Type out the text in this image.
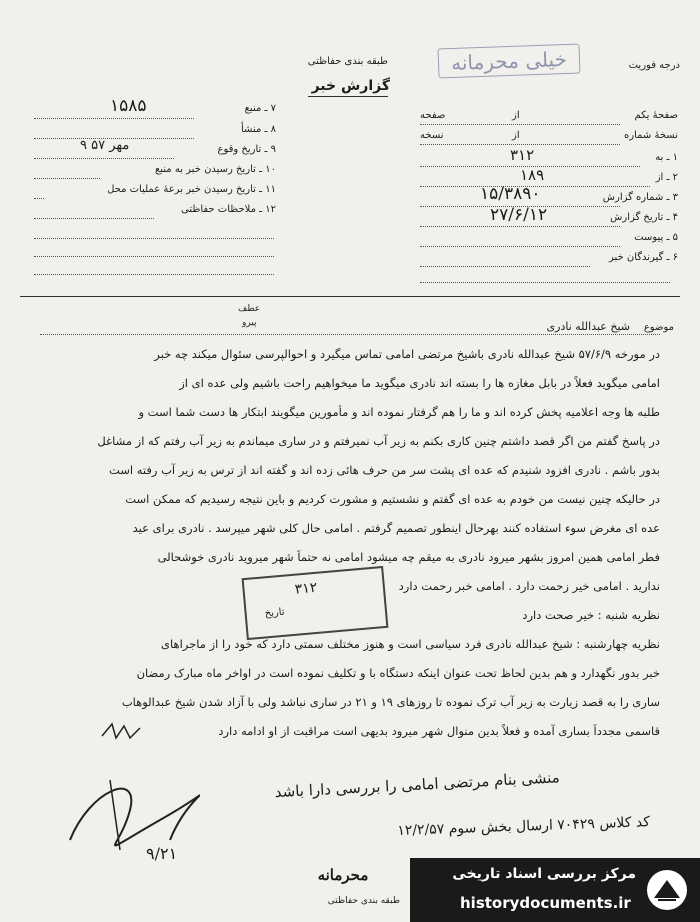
درجه فوریت
طبقه بندی حفاظتی	خیلی محرمانه
گزارش خبر
صفحهٔ یکم
از
صفحه
نسخهٔ شماره
از
نسخه
۱ ـ به
۳۱۲
۲ ـ از
۱۸۹
۳ ـ شماره گزارش
۱۵/۳۸۹۰
۴ ـ تاریخ گزارش
۲۷/۶/۱۲
۵ ـ پیوست
۶ ـ گیرندگان خبر
۷ ـ منبع
۱۵۸۵
۸ ـ منشأ
۹ ـ تاریخ وقوع
۹ مهر ۵۷
۱۰ ـ تاریخ رسیدن خبر به منبع
۱۱ ـ تاریخ رسیدن خبر برعهٔ عملیات محل
۱۲ ـ ملاحظات حفاظتی
عطف
پیرو	موضوع
شیخ عبدالله نادری
در مورخه ۵۷/۶/۹ شیخ عبدالله نادری باشیخ مرتضی امامی تماس میگیرد و احوالپرسی سئوال میکند چه خبر
امامی میگوید فعلاً در بابل مغازه ها را بسته اند نادری میگوید ما میخواهیم راحت باشیم ولی عده ای از
طلبه ها وجه اعلامیه پخش کرده اند و ما را هم گرفتار نموده اند و مأمورین میگویند ابتکار ها دست شما است و
در پاسخ گفتم من اگر قصد داشتم چنین کاری بکنم به زیر آب نمیرفتم و در ساری میماندم به زیر آب رفتم که از مشاغل
بدور باشم . نادری افزود شنیدم که عده ای پشت سر من حرف هائی زده اند و گفته اند از ترس به زیر آب رفته است
در حالیکه چنین نیست من خودم به عده ای گفتم و نشستیم و مشورت کردیم و باین نتیجه رسیدیم که ممکن است
عده ای مغرض سوء استفاده کنند بهرحال اینطور تصمیم گرفتم . امامی حال کلی شهر میپرسد . نادری برای عید
فطر امامی همین امروز بشهر میرود نادری به میقم چه میشود امامی نه حتماً شهر میروید نادری خوشحالی
ندارید . امامی خیر زحمت دارد . امامی خبر رحمت دارد
نظریه شنبه : خیر صحت دارد
نظریه چهارشنبه : شیخ عبدالله نادری فرد سیاسی است و هنوز مختلف سمتی دارد که خود را از ماجراهای
خبر بدور نگهدارد و هم بدین لحاظ تحت عنوان اینکه دستگاه با و تکلیف نموده است در اواخر ماه مبارک رمضان
ساری را به قصد زیارت به زیر آب ترک نموده تا روزهای ۱۹ و ۲۱ در ساری نباشد ولی با آزاد شدن شیخ عبدالوهاب
قاسمی مجدداً بساری آمده و فعلاً بدین منوال شهر میرود بدیهی است مراقبت از او ادامه دارد
۳۱۲
تاریخ
منشی بنام مرتضی امامی را بررسی دارا باشد
کد کلاس ۷۰۴۲۹ ارسال بخش سوم ۱۲/۲/۵۷
۹/۲۱
محرمانه
طبقه بندی حفاظتی
مرکز بررسی اسناد تاریخی
historydocuments.ir
